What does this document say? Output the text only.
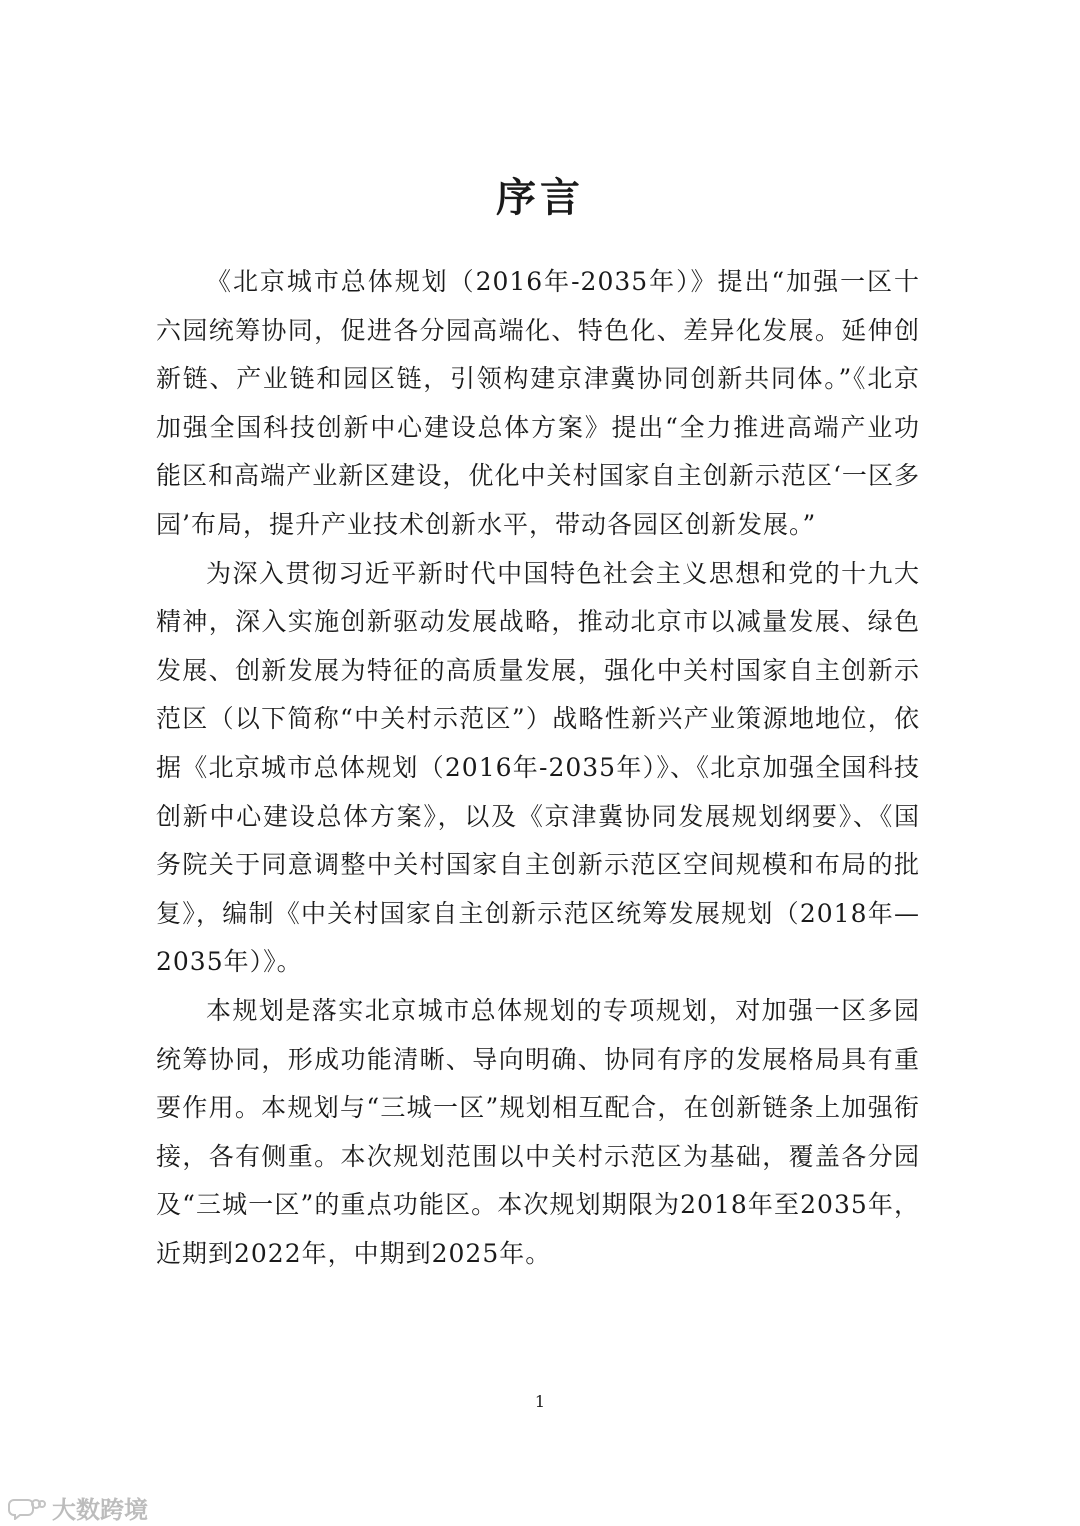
序言

《北京城市总体规划（2016年-2035年）》提出“加强一区十六园统筹协同，促进各分园高端化、特色化、差异化发展。延伸创新链、产业链和园区链，引领构建京津冀协同创新共同体。”《北京加强全国科技创新中心建设总体方案》提出“全力推进高端产业功能区和高端产业新区建设，优化中关村国家自主创新示范区‘一区多园’布局，提升产业技术创新水平，带动各园区创新发展。”

为深入贯彻习近平新时代中国特色社会主义思想和党的十九大精神，深入实施创新驱动发展战略，推动北京市以减量发展、绿色发展、创新发展为特征的高质量发展，强化中关村国家自主创新示范区（以下简称“中关村示范区”）战略性新兴产业策源地地位，依据《北京城市总体规划（2016年-2035年）》、《北京加强全国科技创新中心建设总体方案》，以及《京津冀协同发展规划纲要》、《国务院关于同意调整中关村国家自主创新示范区空间规模和布局的批复》，编制《中关村国家自主创新示范区统筹发展规划（2018年—2035年）》。

本规划是落实北京城市总体规划的专项规划，对加强一区多园统筹协同，形成功能清晰、导向明确、协同有序的发展格局具有重要作用。本规划与“三城一区”规划相互配合，在创新链条上加强衔接，各有侧重。本次规划范围以中关村示范区为基础，覆盖各分园及“三城一区”的重点功能区。本次规划期限为2018年至2035年，近期到2022年，中期到2025年。

1
大数跨境
